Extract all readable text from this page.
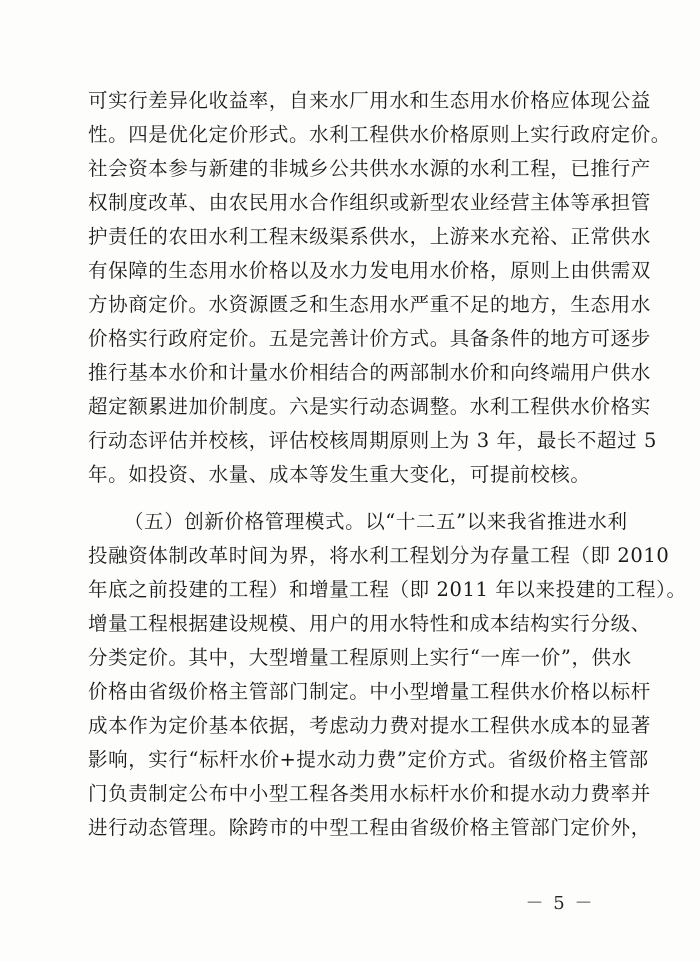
可实行差异化收益率，自来水厂用水和生态用水价格应体现公益
性。四是优化定价形式。水利工程供水价格原则上实行政府定价。
社会资本参与新建的非城乡公共供水水源的水利工程，已推行产
权制度改革、由农民用水合作组织或新型农业经营主体等承担管
护责任的农田水利工程末级渠系供水，上游来水充裕、正常供水
有保障的生态用水价格以及水力发电用水价格，原则上由供需双
方协商定价。水资源匮乏和生态用水严重不足的地方，生态用水
价格实行政府定价。五是完善计价方式。具备条件的地方可逐步
推行基本水价和计量水价相结合的两部制水价和向终端用户供水
超定额累进加价制度。六是实行动态调整。水利工程供水价格实
行动态评估并校核，评估校核周期原则上为 3 年，最长不超过 5
年。如投资、水量、成本等发生重大变化，可提前校核。
（五）创新价格管理模式。以“十二五”以来我省推进水利
投融资体制改革时间为界，将水利工程划分为存量工程（即 2010
年底之前投建的工程）和增量工程（即 2011 年以来投建的工程）。
增量工程根据建设规模、用户的用水特性和成本结构实行分级、
分类定价。其中，大型增量工程原则上实行“一库一价”，供水
价格由省级价格主管部门制定。中小型增量工程供水价格以标杆
成本作为定价基本依据，考虑动力费对提水工程供水成本的显著
影响，实行“标杆水价+提水动力费”定价方式。省级价格主管部
门负责制定公布中小型工程各类用水标杆水价和提水动力费率并
进行动态管理。除跨市的中型工程由省级价格主管部门定价外，
－ 5 －
